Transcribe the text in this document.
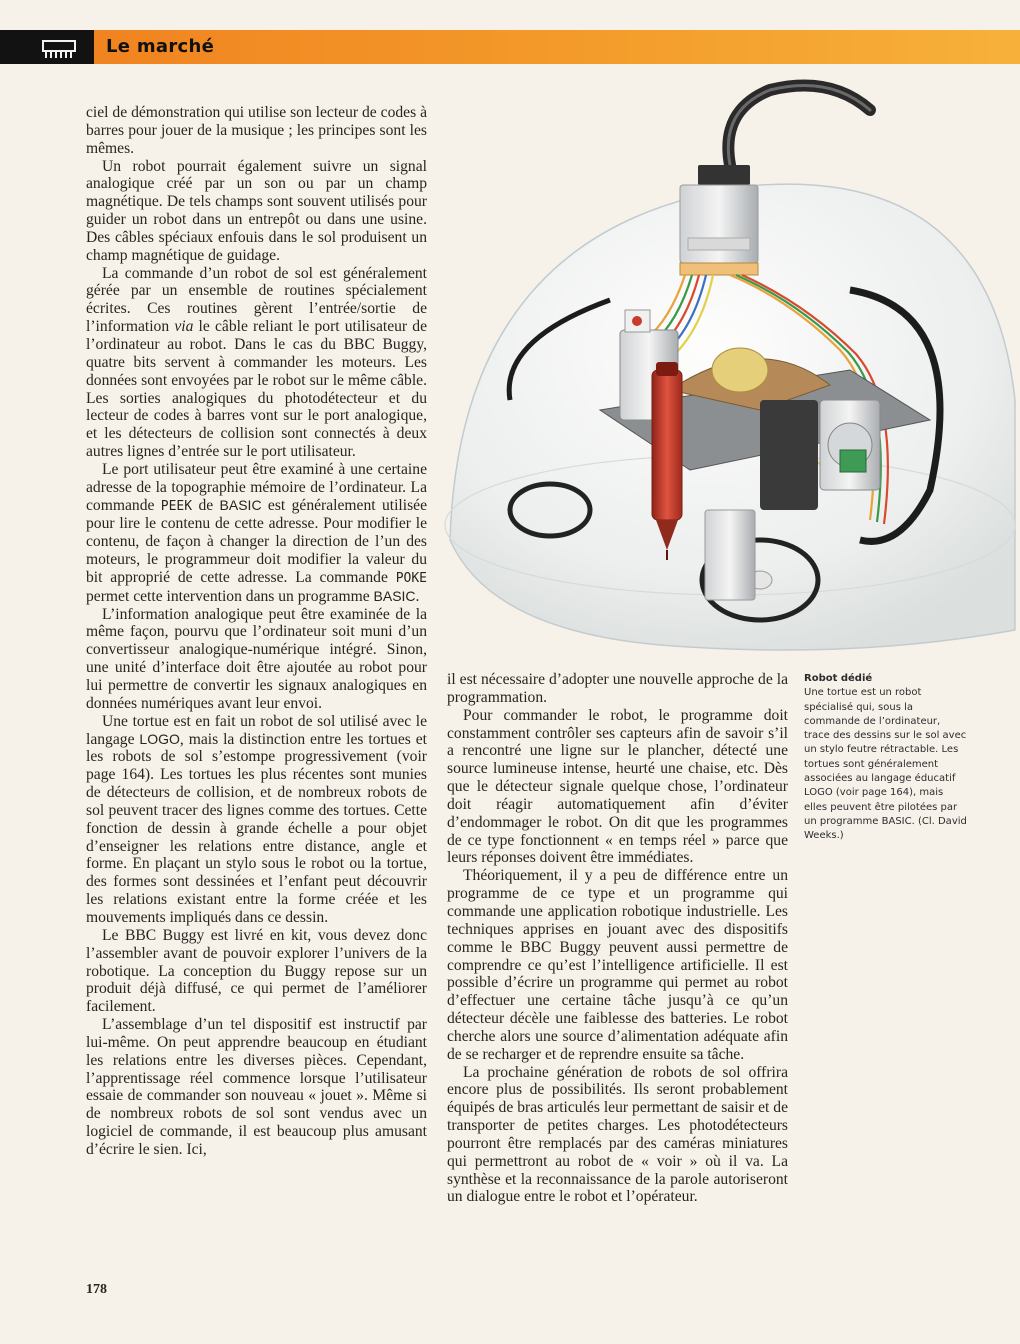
Le marché

ciel de démonstration qui utilise son lecteur de codes à barres pour jouer de la musique ; les principes sont les mêmes.

Un robot pourrait également suivre un signal analogique créé par un son ou par un champ magnétique. De tels champs sont souvent utilisés pour guider un robot dans un entrepôt ou dans une usine. Des câbles spéciaux enfouis dans le sol produisent un champ magnétique de guidage.

La commande d’un robot de sol est généralement gérée par un ensemble de routines spécialement écrites. Ces routines gèrent l’entrée/sortie de l’information via le câble reliant le port utilisateur de l’ordinateur au robot. Dans le cas du BBC Buggy, quatre bits servent à commander les moteurs. Les données sont envoyées par le robot sur le même câble. Les sorties analogiques du photodétecteur et du lecteur de codes à barres vont sur le port analogique, et les détecteurs de collision sont connectés à deux autres lignes d’entrée sur le port utilisateur.

Le port utilisateur peut être examiné à une certaine adresse de la topographie mémoire de l’ordinateur. La commande PEEK de BASIC est généralement utilisée pour lire le contenu de cette adresse. Pour modifier le contenu, de façon à changer la direction de l’un des moteurs, le programmeur doit modifier la valeur du bit approprié de cette adresse. La commande POKE permet cette intervention dans un programme BASIC.

L’information analogique peut être examinée de la même façon, pourvu que l’ordinateur soit muni d’un convertisseur analogique-numérique intégré. Sinon, une unité d’interface doit être ajoutée au robot pour lui permettre de convertir les signaux analogiques en données numériques avant leur envoi.

Une tortue est en fait un robot de sol utilisé avec le langage LOGO, mais la distinction entre les tortues et les robots de sol s’estompe progressivement (voir page 164). Les tortues les plus récentes sont munies de détecteurs de collision, et de nombreux robots de sol peuvent tracer des lignes comme des tortues. Cette fonction de dessin à grande échelle a pour objet d’enseigner les relations entre distance, angle et forme. En plaçant un stylo sous le robot ou la tortue, des formes sont dessinées et l’enfant peut découvrir les relations existant entre la forme créée et les mouvements impliqués dans ce dessin.

Le BBC Buggy est livré en kit, vous devez donc l’assembler avant de pouvoir explorer l’univers de la robotique. La conception du Buggy repose sur un produit déjà diffusé, ce qui permet de l’améliorer facilement.

L’assemblage d’un tel dispositif est instructif par lui-même. On peut apprendre beaucoup en étudiant les relations entre les diverses pièces. Cependant, l’apprentissage réel commence lorsque l’utilisateur essaie de commander son nouveau « jouet ». Même si de nombreux robots de sol sont vendus avec un logiciel de commande, il est beaucoup plus amusant d’écrire le sien. Ici,

Robot dédié
Une tortue est un robot spécialisé qui, sous la commande de l’ordinateur, trace des dessins sur le sol avec un stylo feutre rétractable. Les tortues sont généralement associées au langage éducatif LOGO (voir page 164), mais elles peuvent être pilotées par un programme BASIC. (Cl. David Weeks.)

il est nécessaire d’adopter une nouvelle approche de la programmation.

Pour commander le robot, le programme doit constamment contrôler ses capteurs afin de savoir s’il a rencontré une ligne sur le plancher, détecté une source lumineuse intense, heurté une chaise, etc. Dès que le détecteur signale quelque chose, l’ordinateur doit réagir automatiquement afin d’éviter d’endommager le robot. On dit que les programmes de ce type fonctionnent « en temps réel » parce que leurs réponses doivent être immédiates.

Théoriquement, il y a peu de différence entre un programme de ce type et un programme qui commande une application robotique industrielle. Les techniques apprises en jouant avec des dispositifs comme le BBC Buggy peuvent aussi permettre de comprendre ce qu’est l’intelligence artificielle. Il est possible d’écrire un programme qui permet au robot d’effectuer une certaine tâche jusqu’à ce qu’un détecteur décèle une faiblesse des batteries. Le robot cherche alors une source d’alimentation adéquate afin de se recharger et de reprendre ensuite sa tâche.

La prochaine génération de robots de sol offrira encore plus de possibilités. Ils seront probablement équipés de bras articulés leur permettant de saisir et de transporter de petites charges. Les photodétecteurs pourront être remplacés par des caméras miniatures qui permettront au robot de « voir » où il va. La synthèse et la reconnaissance de la parole autoriseront un dialogue entre le robot et l’opérateur.

178
